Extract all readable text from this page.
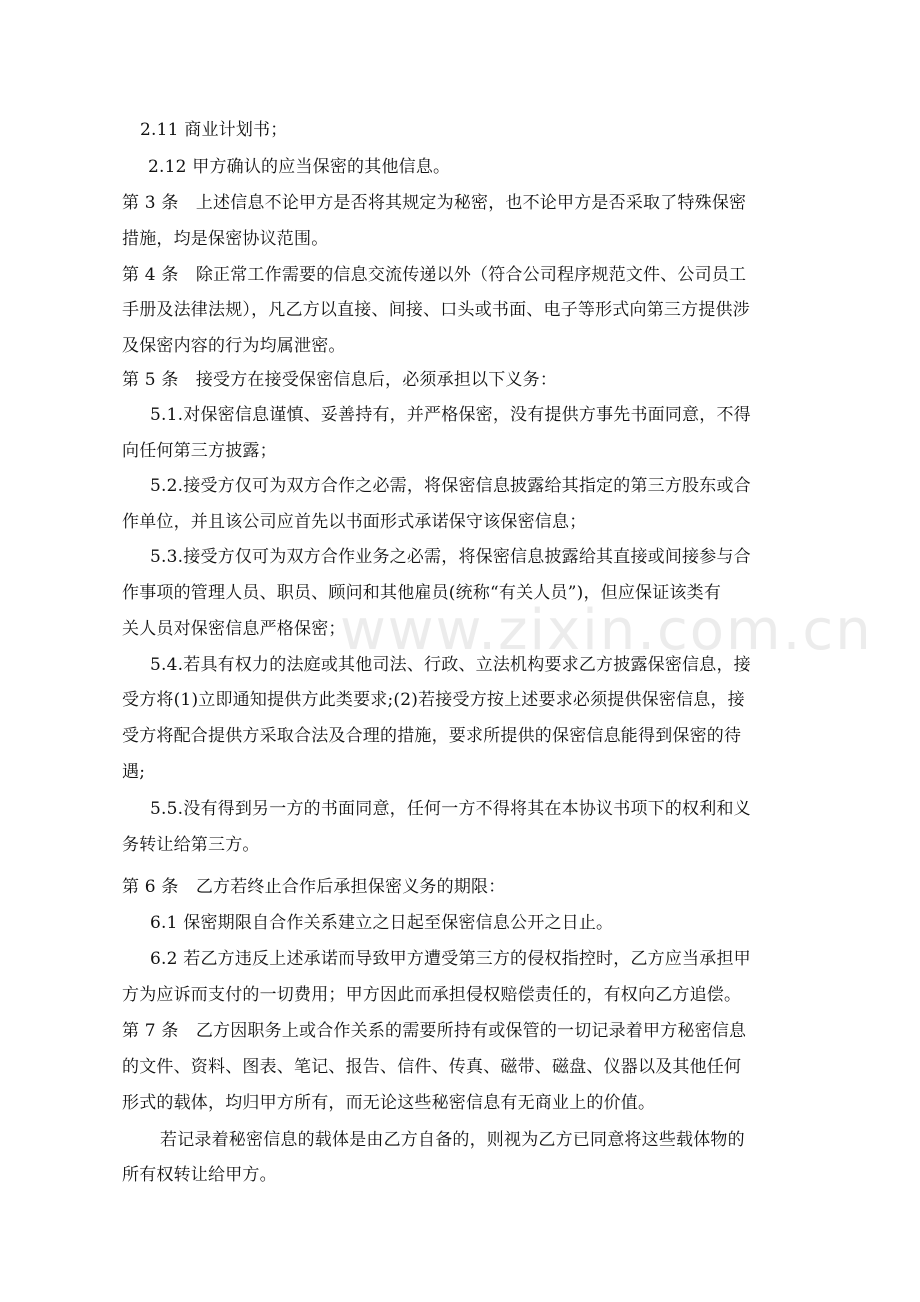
www.zixin.com.cn
2.11 商业计划书；
2.12 甲方确认的应当保密的其他信息。
第 3 条　上述信息不论甲方是否将其规定为秘密，也不论甲方是否采取了特殊保密
措施，均是保密协议范围。
第 4 条　除正常工作需要的信息交流传递以外（符合公司程序规范文件、公司员工
手册及法律法规），凡乙方以直接、间接、口头或书面、电子等形式向第三方提供涉
及保密内容的行为均属泄密。
第 5 条　接受方在接受保密信息后，必须承担以下义务：
5.1.对保密信息谨慎、妥善持有，并严格保密，没有提供方事先书面同意，不得
向任何第三方披露；
5.2.接受方仅可为双方合作之必需，将保密信息披露给其指定的第三方股东或合
作单位，并且该公司应首先以书面形式承诺保守该保密信息；
5.3.接受方仅可为双方合作业务之必需，将保密信息披露给其直接或间接参与合
作事项的管理人员、职员、顾问和其他雇员(统称“有关人员”)，但应保证该类有
关人员对保密信息严格保密；
5.4.若具有权力的法庭或其他司法、行政、立法机构要求乙方披露保密信息，接
受方将(1)立即通知提供方此类要求;(2)若接受方按上述要求必须提供保密信息，接
受方将配合提供方采取合法及合理的措施，要求所提供的保密信息能得到保密的待
遇;
5.5.没有得到另一方的书面同意，任何一方不得将其在本协议书项下的权利和义
务转让给第三方。
第 6 条　乙方若终止合作后承担保密义务的期限：
6.1 保密期限自合作关系建立之日起至保密信息公开之日止。
6.2 若乙方违反上述承诺而导致甲方遭受第三方的侵权指控时，乙方应当承担甲
方为应诉而支付的一切费用；甲方因此而承担侵权赔偿责任的，有权向乙方追偿。
第 7 条　乙方因职务上或合作关系的需要所持有或保管的一切记录着甲方秘密信息
的文件、资料、图表、笔记、报告、信件、传真、磁带、磁盘、仪器以及其他任何
形式的载体，均归甲方所有，而无论这些秘密信息有无商业上的价值。
若记录着秘密信息的载体是由乙方自备的，则视为乙方已同意将这些载体物的
所有权转让给甲方。
